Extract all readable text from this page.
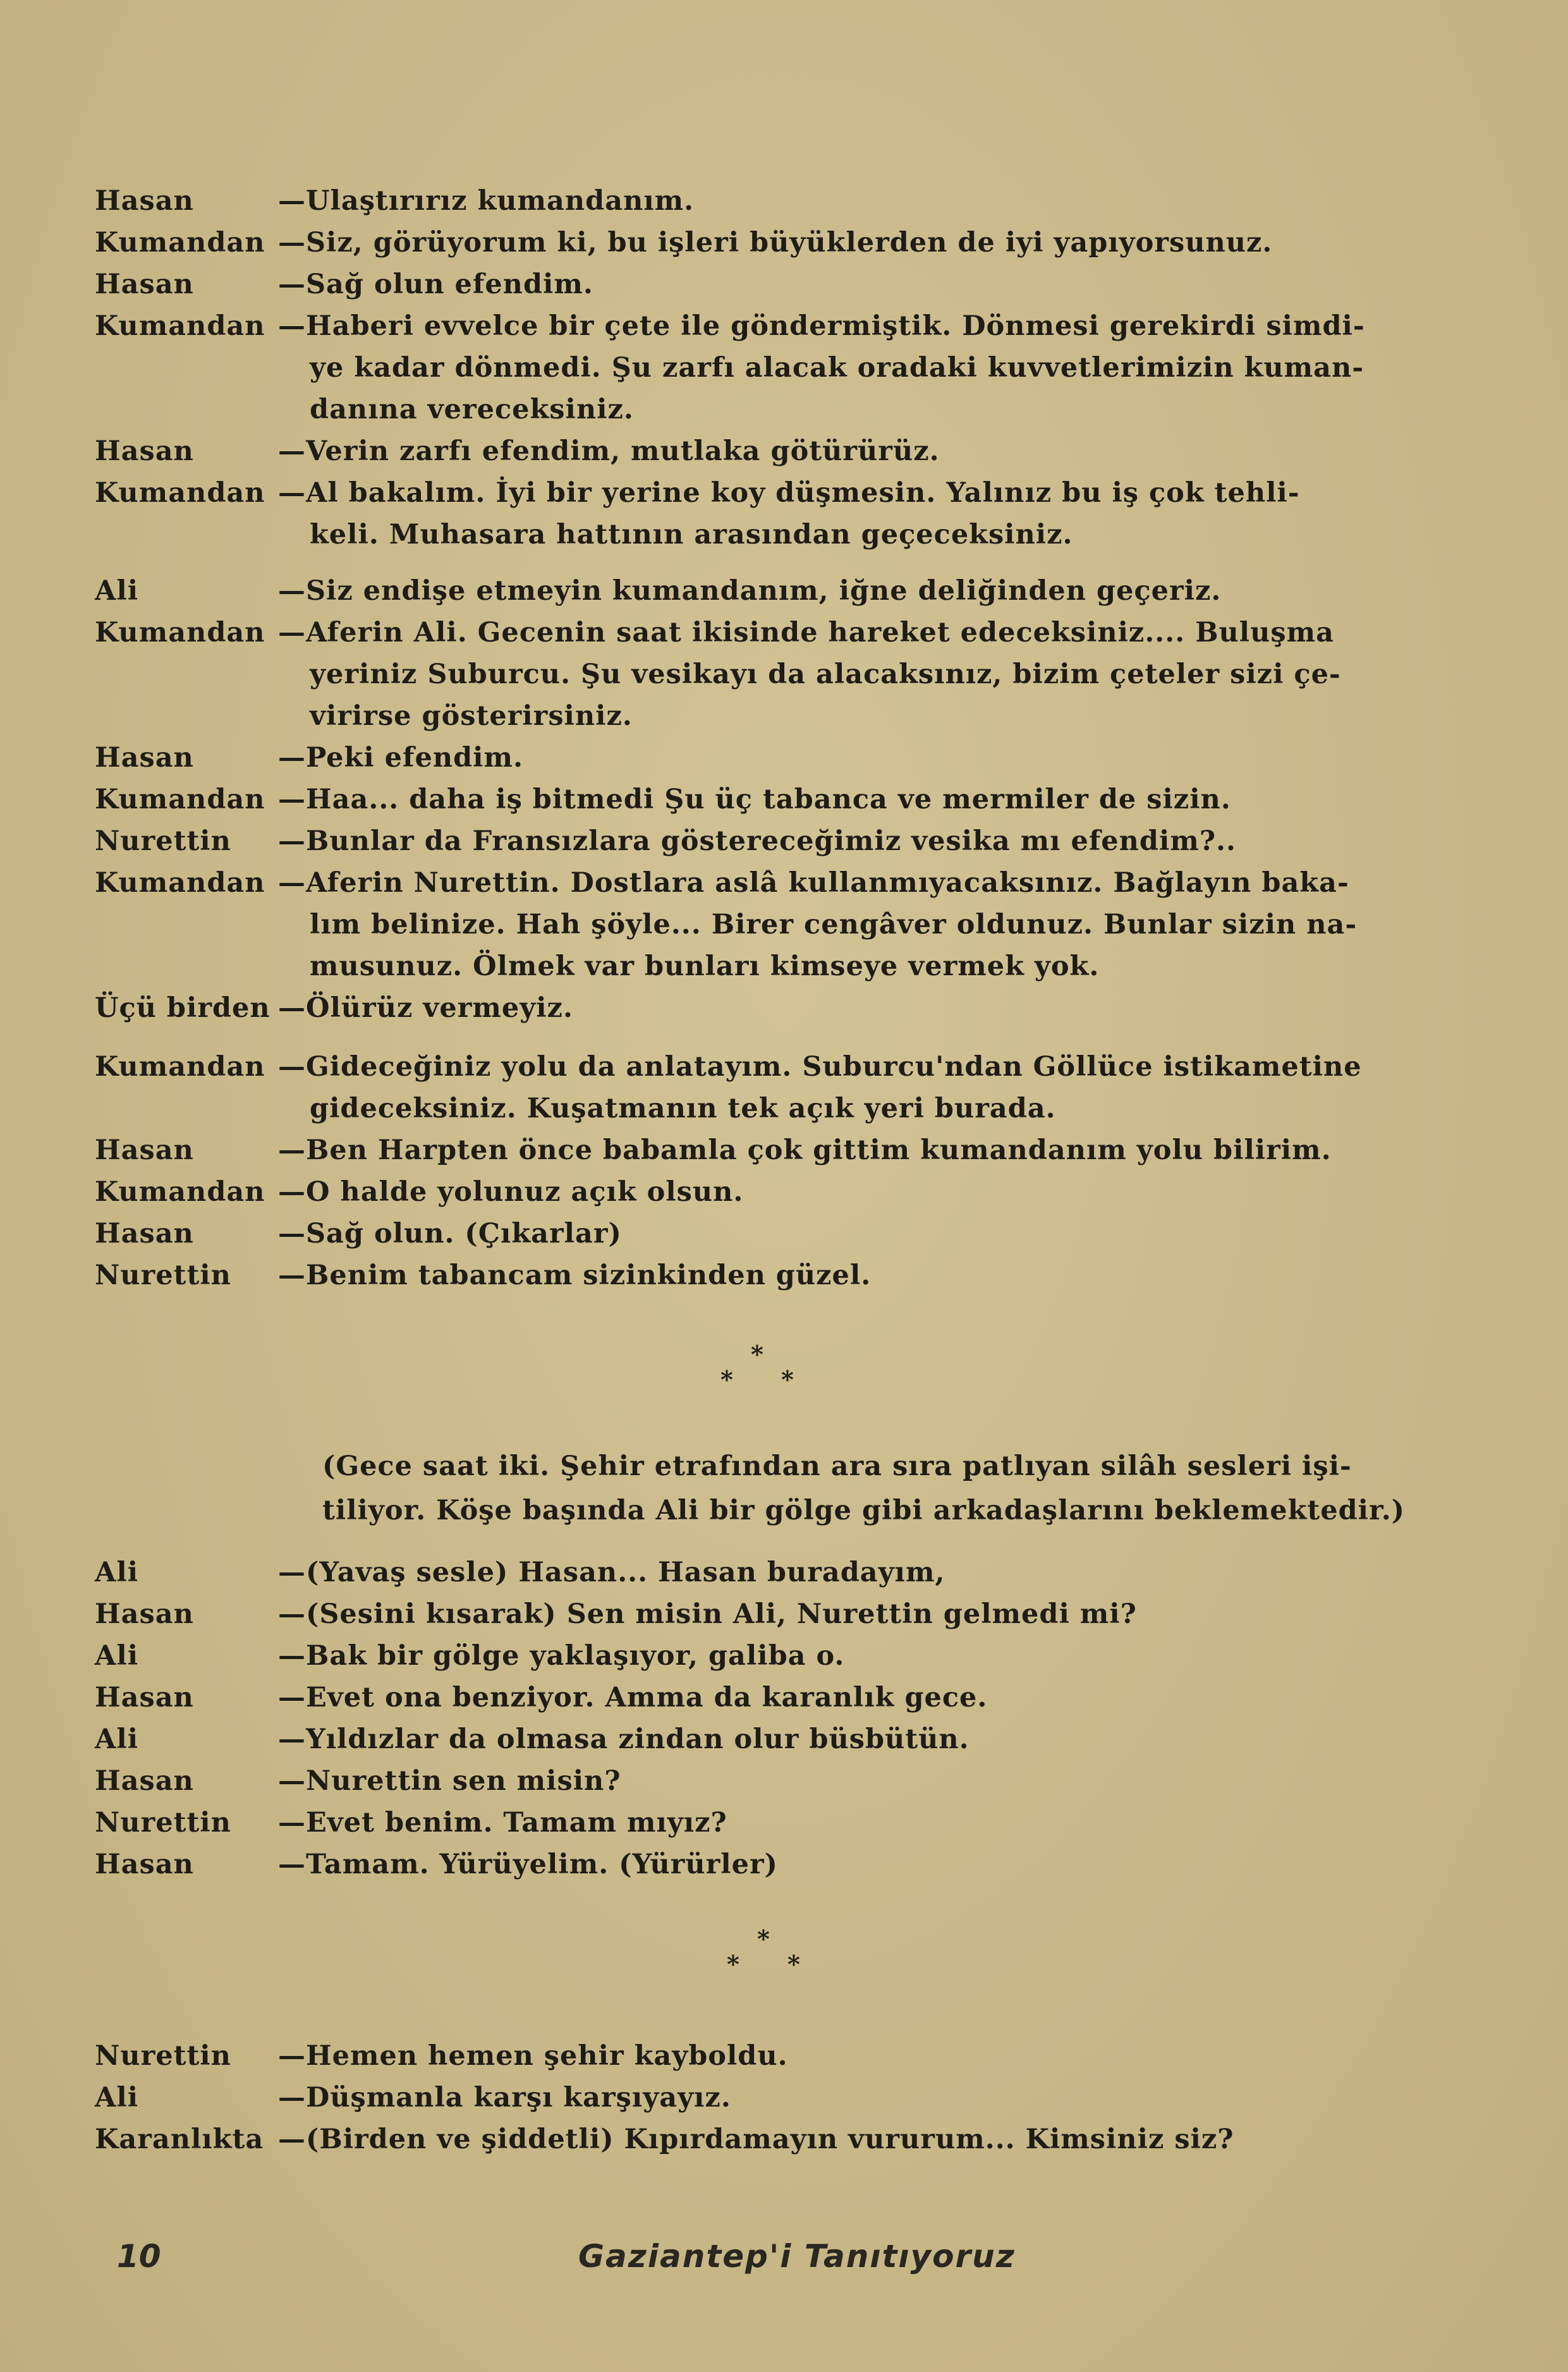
Hasan	—Ulaştırırız kumandanım.
Kumandan —Siz, görüyorum ki, bu işleri büyüklerden de iyi yapıyorsunuz.
Hasan	—Sağ olun efendim.
Kumandan —Haberi evvelce bir çete ile göndermiştik. Dönmesi gerekirdi simdi-
ye kadar dönmedi. Şu zarfı alacak oradaki kuvvetlerimizin kuman-
danına vereceksiniz.
Hasan	—Verin zarfı efendim, mutlaka götürürüz.
Kumandan —Al bakalım. İyi bir yerine koy düşmesin. Yalınız bu iş çok tehli-
keli. Muhasara hattının arasından geçeceksiniz.
Ali	—Siz endişe etmeyin kumandanım, iğne deliğinden geçeriz.
Kumandan —Aferin Ali. Gecenin saat ikisinde hareket edeceksiniz.... Buluşma
yeriniz Suburcu. Şu vesikayı da alacaksınız, bizim çeteler sizi çe-
virirse gösterirsiniz.
Hasan	—Peki efendim.
Kumandan —Haa... daha iş bitmedi Şu üç tabanca ve mermiler de sizin.
Nurettin —Bunlar da Fransızlara göstereceğimiz vesika mı efendim?..
Kumandan —Aferin Nurettin. Dostlara aslâ kullanmıyacaksınız. Bağlayın baka-
lım belinize. Hah şöyle... Birer cengâver oldunuz. Bunlar sizin na-
musunuz. Ölmek var bunları kimseye vermek yok.
Üçü birden —Ölürüz vermeyiz.
Kumandan —Gideceğiniz yolu da anlatayım. Suburcu'ndan Göllüce istikametine
gideceksiniz. Kuşatmanın tek açık yeri burada.
Hasan	—Ben Harpten önce babamla çok gittim kumandanım yolu bilirim.
Kumandan —O halde yolunuz açık olsun.
Hasan	—Sağ olun. (Çıkarlar)
Nurettin —Benim tabancam sizinkinden güzel.
*
* *
(Gece saat iki. Şehir etrafından ara sıra patlıyan silâh sesleri işi-
tiliyor. Köşe başında Ali bir gölge gibi arkadaşlarını beklemektedir.)
Ali	—(Yavaş sesle) Hasan... Hasan buradayım,
Hasan	—(Sesini kısarak) Sen misin Ali, Nurettin gelmedi mi?
Ali	—Bak bir gölge yaklaşıyor, galiba o.
Hasan	—Evet ona benziyor. Amma da karanlık gece.
Ali	—Yıldızlar da olmasa zindan olur büsbütün.
Hasan	—Nurettin sen misin?
Nurettin —Evet benim. Tamam mıyız?
Hasan	—Tamam. Yürüyelim. (Yürürler)
*
* *
Nurettin —Hemen hemen şehir kayboldu.
Ali	—Düşmanla karşı karşıyayız.
Karanlıkta —(Birden ve şiddetli) Kıpırdamayın vururum... Kimsiniz siz?
10	Gaziantep'i Tanıtıyoruz
